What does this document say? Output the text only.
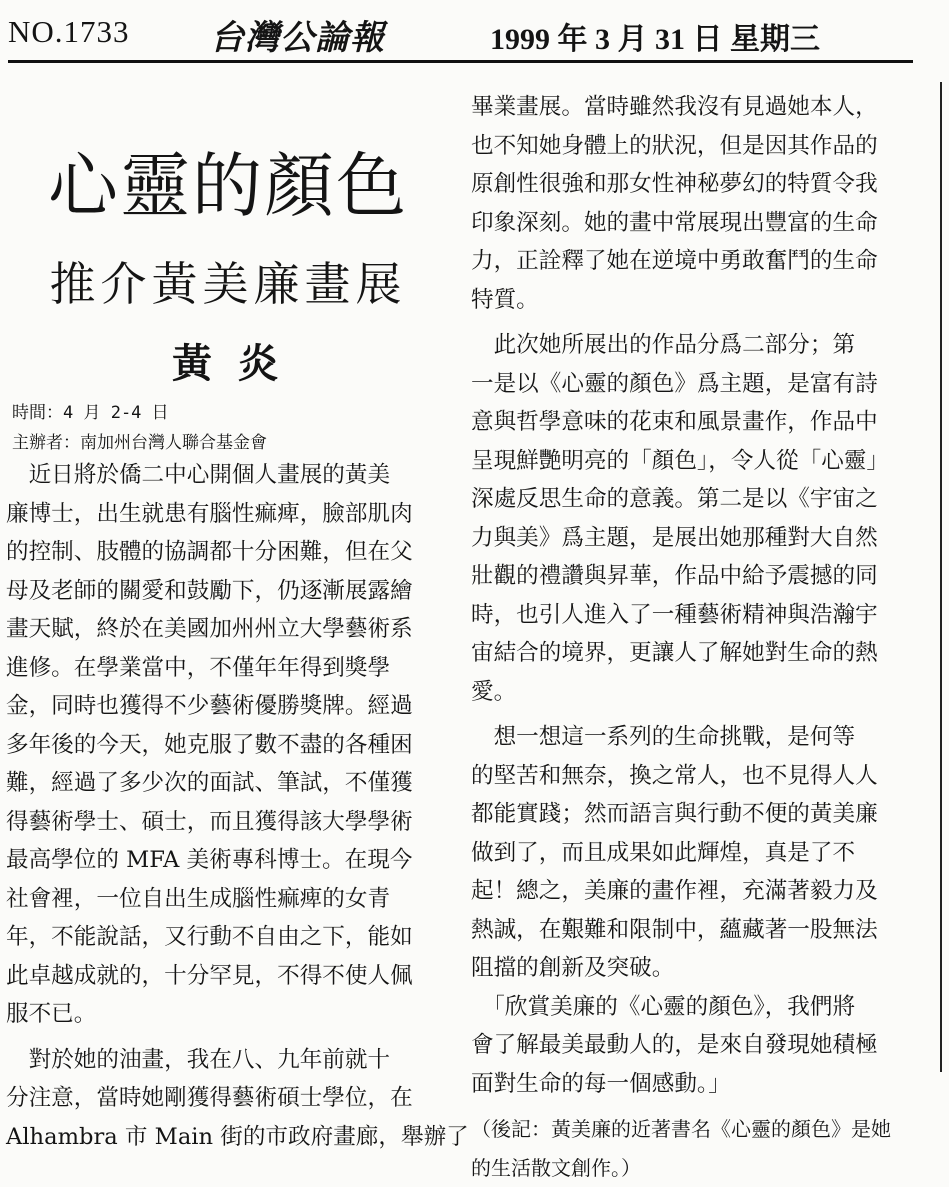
NO.1733 台灣公論報	1999 年 3 月 31 日 星期三
心靈的顏色
推介黃美廉畫展
黃 炎
時間：4 月 2-4 日
主辦者：南加州台灣人聯合基金會

　近日將於僑二中心開個人畫展的黃美

廉博士，出生就患有腦性痲痺，臉部肌肉

的控制、肢體的協調都十分困難，但在父

母及老師的關愛和鼓勵下，仍逐漸展露繪

畫天賦，終於在美國加州州立大學藝術系

進修。在學業當中，不僅年年得到獎學

金，同時也獲得不少藝術優勝獎牌。經過

多年後的今天，她克服了數不盡的各種困

難，經過了多少次的面試、筆試，不僅獲

得藝術學士、碩士，而且獲得該大學學術

最高學位的 MFA 美術專科博士。在現今

社會裡，一位自出生成腦性痲痺的女青

年，不能說話，又行動不自由之下，能如

此卓越成就的，十分罕見，不得不使人佩

服不已。

　對於她的油畫，我在八、九年前就十

分注意，當時她剛獲得藝術碩士學位，在

Alhambra 市 Main 街的市政府畫廊，舉辦了

畢業畫展。當時雖然我沒有見過她本人，

也不知她身體上的狀況，但是因其作品的

原創性很強和那女性神秘夢幻的特質令我

印象深刻。她的畫中常展現出豐富的生命

力，正詮釋了她在逆境中勇敢奮鬥的生命

特質。

　此次她所展出的作品分爲二部分；第

一是以《心靈的顏色》爲主題，是富有詩

意與哲學意味的花束和風景畫作，作品中

呈現鮮艷明亮的「顏色」，令人從「心靈」

深處反思生命的意義。第二是以《宇宙之

力與美》爲主題，是展出她那種對大自然

壯觀的禮讚與昇華，作品中給予震撼的同

時，也引人進入了一種藝術精神與浩瀚宇

宙結合的境界，更讓人了解她對生命的熱

愛。

　想一想這一系列的生命挑戰，是何等

的堅苦和無奈，換之常人，也不見得人人

都能實踐；然而語言與行動不便的黃美廉

做到了，而且成果如此輝煌，真是了不

起！總之，美廉的畫作裡，充滿著毅力及

熱誠，在艱難和限制中，蘊藏著一股無法

阻擋的創新及突破。

　「欣賞美廉的《心靈的顏色》，我們將

會了解最美最動人的，是來自發現她積極

面對生命的每一個感動。」

（後記：黃美廉的近著書名《心靈的顏色》是她

的生活散文創作。）
